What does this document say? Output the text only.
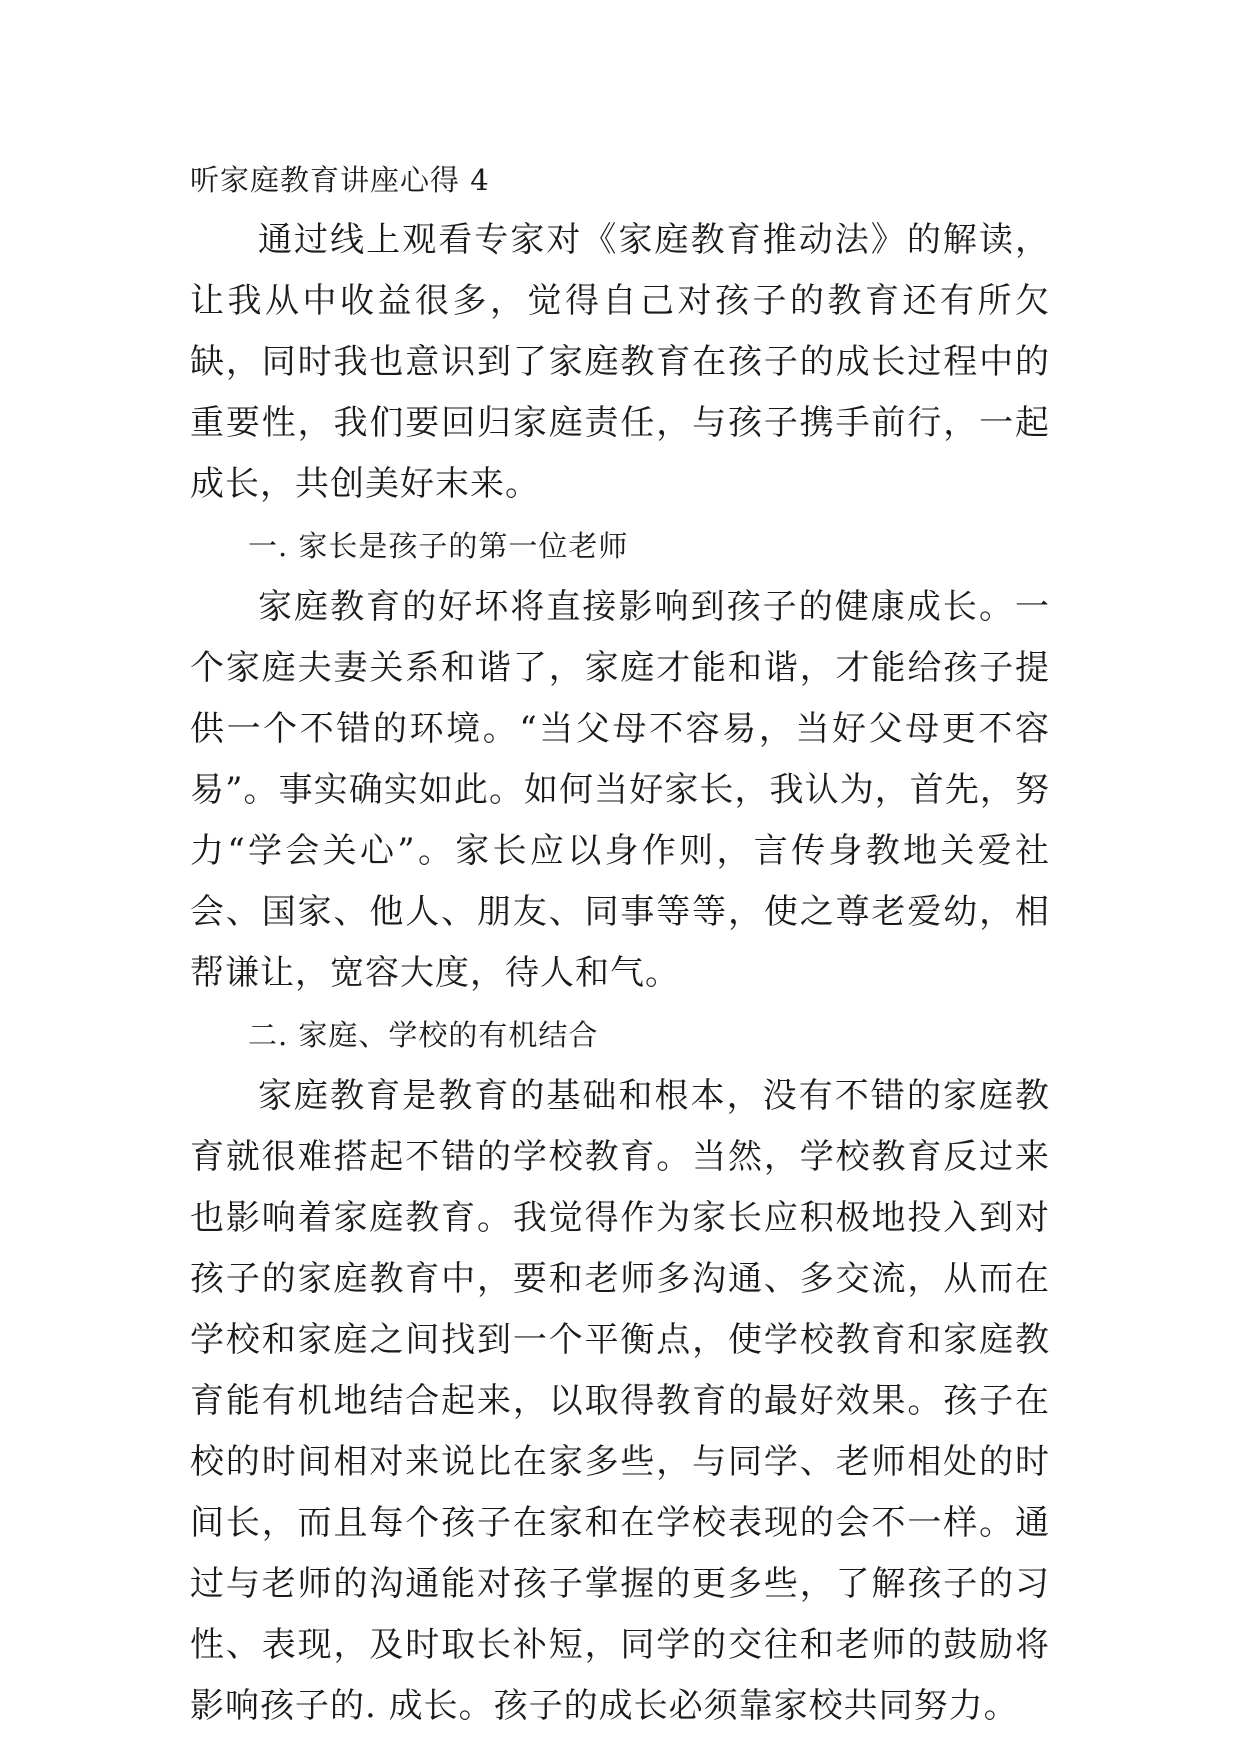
听家庭教育讲座心得 4

通过线上观看专家对《家庭教育推动法》的解读，让我从中收益很多，觉得自己对孩子的教育还有所欠缺，同时我也意识到了家庭教育在孩子的成长过程中的重要性，我们要回归家庭责任，与孩子携手前行，一起成长，共创美好末来。

一. 家长是孩子的第一位老师

家庭教育的好坏将直接影响到孩子的健康成长。一个家庭夫妻关系和谐了，家庭才能和谐，才能给孩子提供一个不错的环境。“当父母不容易，当好父母更不容易”。事实确实如此。如何当好家长，我认为，首先，努力“学会关心”。家长应以身作则，言传身教地关爱社会、国家、他人、朋友、同事等等，使之尊老爱幼，相帮谦让，宽容大度，待人和气。

二. 家庭、学校的有机结合

家庭教育是教育的基础和根本，没有不错的家庭教育就很难搭起不错的学校教育。当然，学校教育反过来也影响着家庭教育。我觉得作为家长应积极地投入到对孩子的家庭教育中，要和老师多沟通、多交流，从而在学校和家庭之间找到一个平衡点，使学校教育和家庭教育能有机地结合起来，以取得教育的最好效果。孩子在校的时间相对来说比在家多些，与同学、老师相处的时间长，而且每个孩子在家和在学校表现的会不一样。通过与老师的沟通能对孩子掌握的更多些，了解孩子的习性、表现，及时取长补短，同学的交往和老师的鼓励将影响孩子的. 成长。孩子的成长必须靠家校共同努力。
